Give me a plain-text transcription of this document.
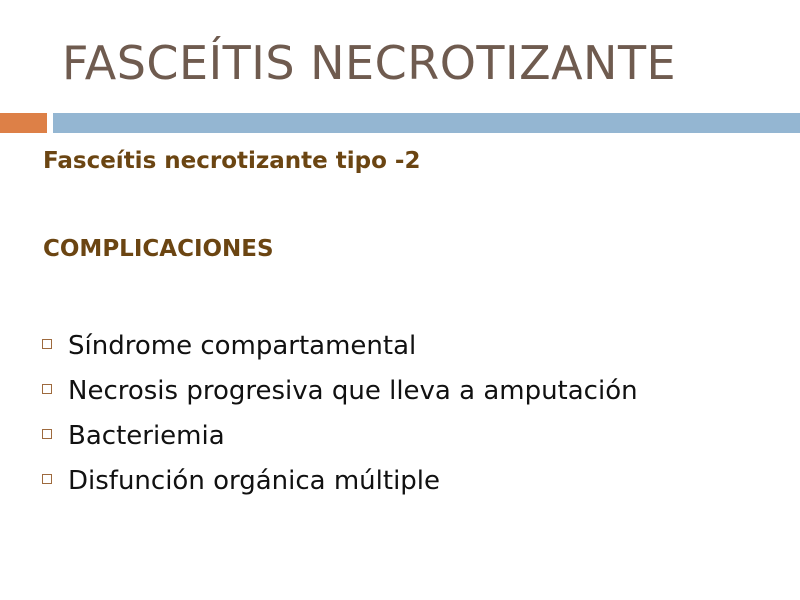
FASCEÍTIS NECROTIZANTE
Fasceítis necrotizante tipo -2
COMPLICACIONES
Síndrome compartamental
Necrosis progresiva que lleva a amputación
Bacteriemia
Disfunción orgánica múltiple
